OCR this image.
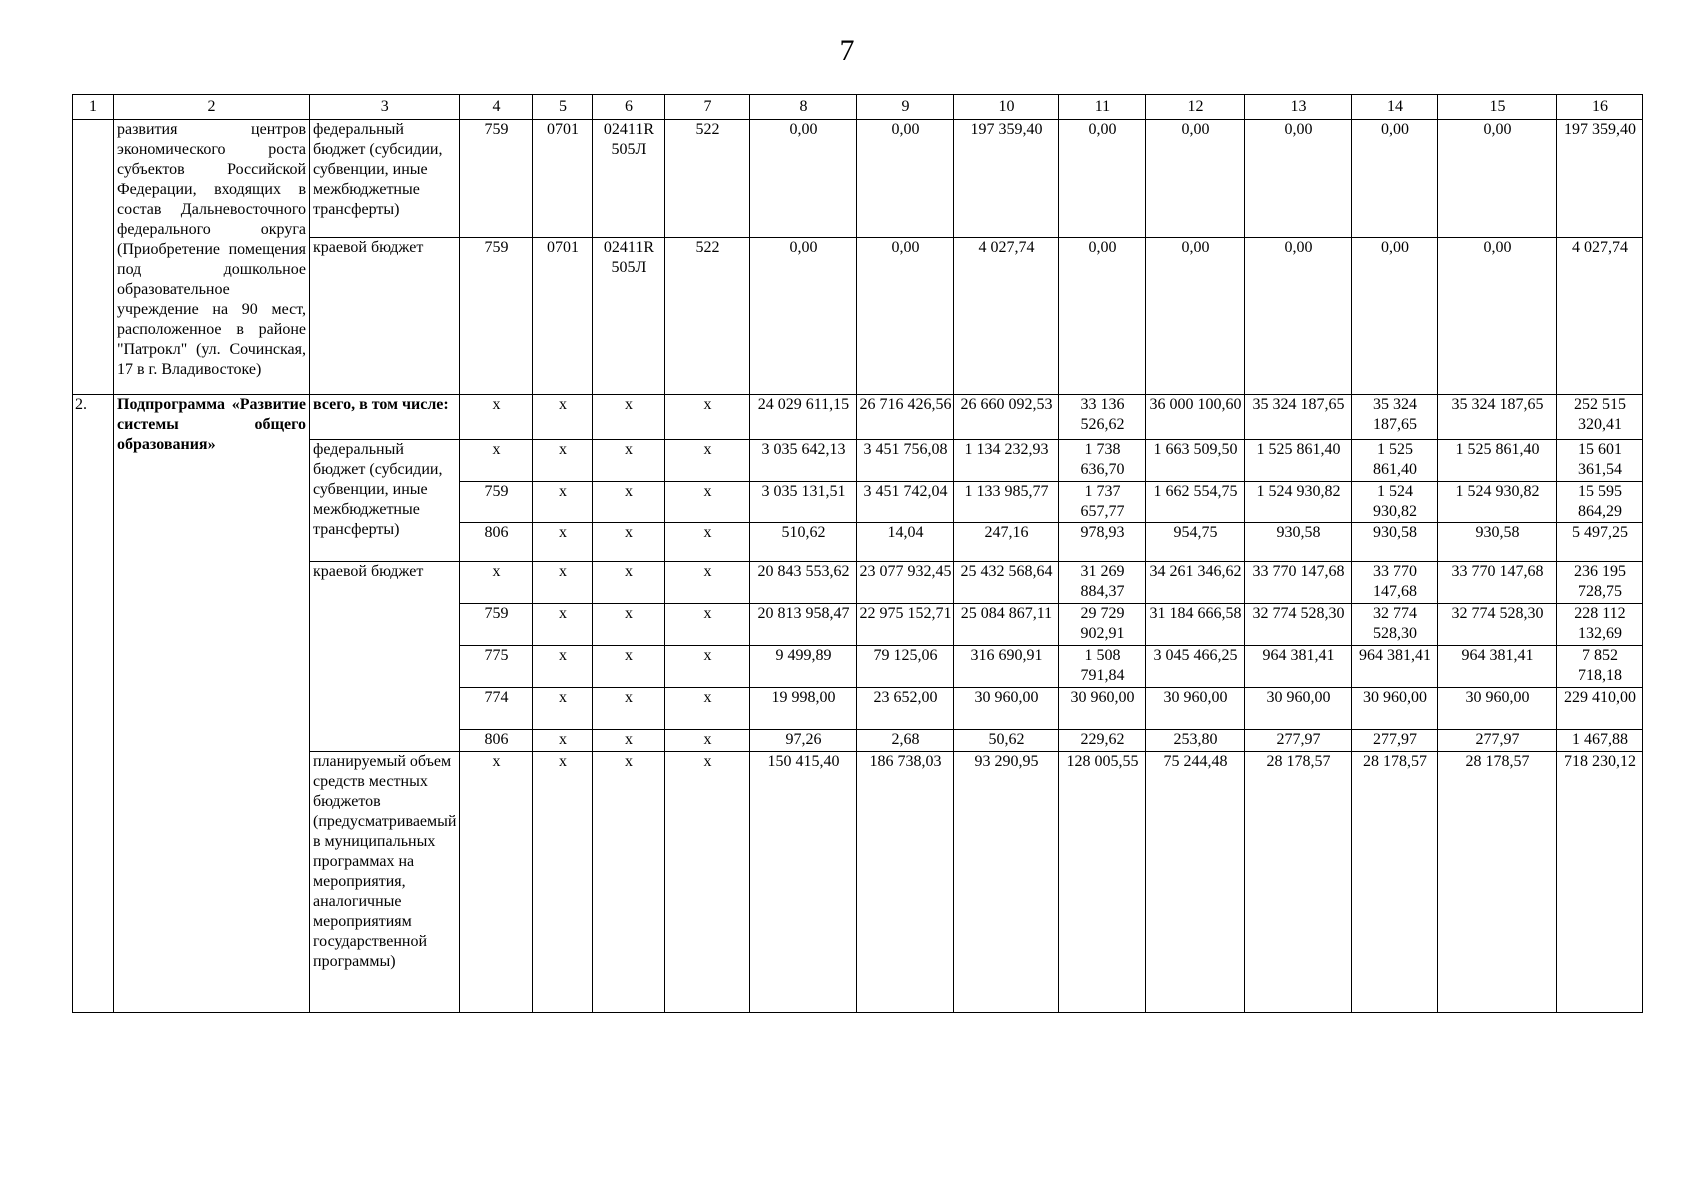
7
1	2	3	4	5	6	7	8	9	10	11	12	13	14	15	16
	развития центров экономического роста субъектов Российской Федерации, входящих в состав Дальневосточного федерального округа (Приобретение помещения под дошкольное образовательное учреждение на 90 мест, расположенное в районе "Патрокл" (ул. Сочинская, 17 в г. Владивостоке)	федеральный бюджет (субсидии, субвенции, иные межбюджетные трансферты)	759	0701	02411R 505Л	522	0,00	0,00	197 359,40	0,00	0,00	0,00	0,00	0,00	197 359,40
		краевой бюджет	759	0701	02411R 505Л	522	0,00	0,00	4 027,74	0,00	0,00	0,00	0,00	0,00	4 027,74
2.	Подпрограмма «Развитие системы общего образования»	всего, в том числе:	x	x	x	x	24 029 611,15	26 716 426,56	26 660 092,53	33 136 526,62	36 000 100,60	35 324 187,65	35 324 187,65	35 324 187,65	252 515 320,41
		федеральный бюджет (субсидии, субвенции, иные межбюджетные трансферты)	x	x	x	x	3 035 642,13	3 451 756,08	1 134 232,93	1 738 636,70	1 663 509,50	1 525 861,40	1 525 861,40	1 525 861,40	15 601 361,54
			759	x	x	x	3 035 131,51	3 451 742,04	1 133 985,77	1 737 657,77	1 662 554,75	1 524 930,82	1 524 930,82	1 524 930,82	15 595 864,29
			806	x	x	x	510,62	14,04	247,16	978,93	954,75	930,58	930,58	930,58	5 497,25
		краевой бюджет	x	x	x	x	20 843 553,62	23 077 932,45	25 432 568,64	31 269 884,37	34 261 346,62	33 770 147,68	33 770 147,68	33 770 147,68	236 195 728,75
			759	x	x	x	20 813 958,47	22 975 152,71	25 084 867,11	29 729 902,91	31 184 666,58	32 774 528,30	32 774 528,30	32 774 528,30	228 112 132,69
			775	x	x	x	9 499,89	79 125,06	316 690,91	1 508 791,84	3 045 466,25	964 381,41	964 381,41	964 381,41	7 852 718,18
			774	x	x	x	19 998,00	23 652,00	30 960,00	30 960,00	30 960,00	30 960,00	30 960,00	30 960,00	229 410,00
			806	x	x	x	97,26	2,68	50,62	229,62	253,80	277,97	277,97	277,97	1 467,88
		планируемый объем средств местных бюджетов (предусматриваемый в муниципальных программах на мероприятия, аналогичные мероприятиям государственной программы)	x	x	x	x	150 415,40	186 738,03	93 290,95	128 005,55	75 244,48	28 178,57	28 178,57	28 178,57	718 230,12
